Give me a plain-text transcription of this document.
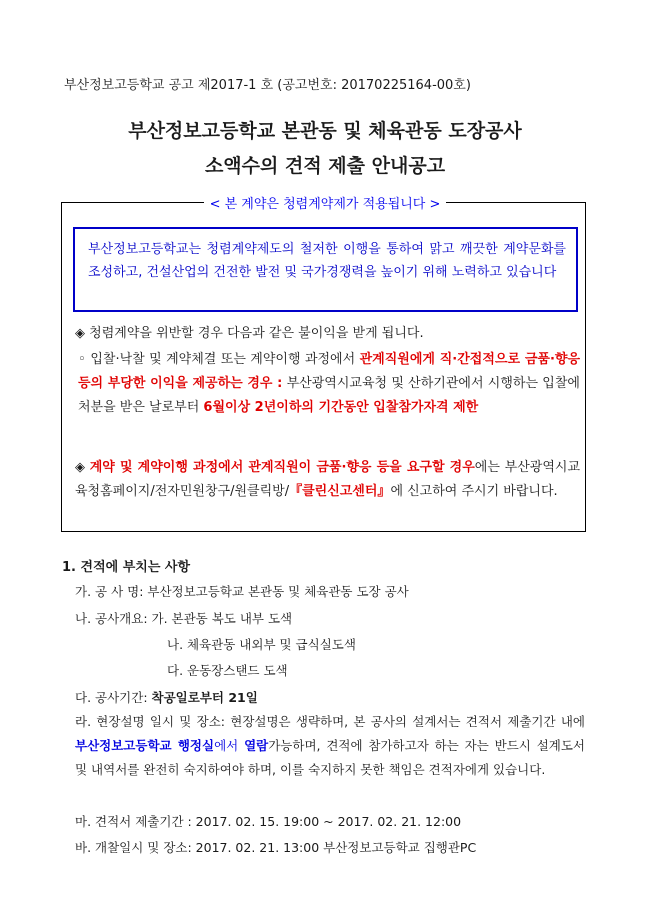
부산정보고등학교 공고 제2017-1 호 (공고번호: 20170225164-00호)
부산정보고등학교 본관동 및 체육관동 도장공사
소액수의 견적 제출 안내공고
< 본 계약은 청렴계약제가 적용됩니다 >
부산정보고등학교는 청렴계약제도의 철저한 이행을 통하여 맑고 깨끗한 계약문화를 조성하고, 건설산업의 건전한 발전 및 국가경쟁력을 높이기 위해 노력하고 있습니다
◈ 청렴계약을 위반할 경우 다음과 같은 불이익을 받게 됩니다.
◦ 입찰·낙찰 및 계약체결 또는 계약이행 과정에서 관계직원에게 직·간접적으로 금품·향응 등의 부당한 이익을 제공하는 경우 : 부산광역시교육청 및 산하기관에서 시행하는 입찰에 처분을 받은 날로부터 6월이상 2년이하의 기간동안 입찰참가자격 제한
◈ 계약 및 계약이행 과정에서 관계직원이 금품·향응 등을 요구할 경우에는 부산광역시교육청홈페이지/전자민원창구/원클릭방/『클린신고센터』에 신고하여 주시기 바랍니다.
1. 견적에 부치는 사항
가. 공 사 명: 부산정보고등학교 본관동 및 체육관동 도장 공사
나. 공사개요: 가. 본관동 복도 내부 도색
나. 체육관동 내외부 및 급식실도색
다. 운동장스탠드 도색
다. 공사기간: 착공일로부터 21일
라. 현장설명 일시 및 장소: 현장설명은 생략하며, 본 공사의 설계서는 견적서 제출기간 내에 부산정보고등학교 행정실에서 열람가능하며, 견적에 참가하고자 하는 자는 반드시 설계도서 및 내역서를 완전히 숙지하여야 하며, 이를 숙지하지 못한 책임은 견적자에게 있습니다.
마. 견적서 제출기간 : 2017. 02. 15. 19:00 ~ 2017. 02. 21. 12:00
바. 개찰일시 및 장소: 2017. 02. 21. 13:00 부산정보고등학교 집행관PC
